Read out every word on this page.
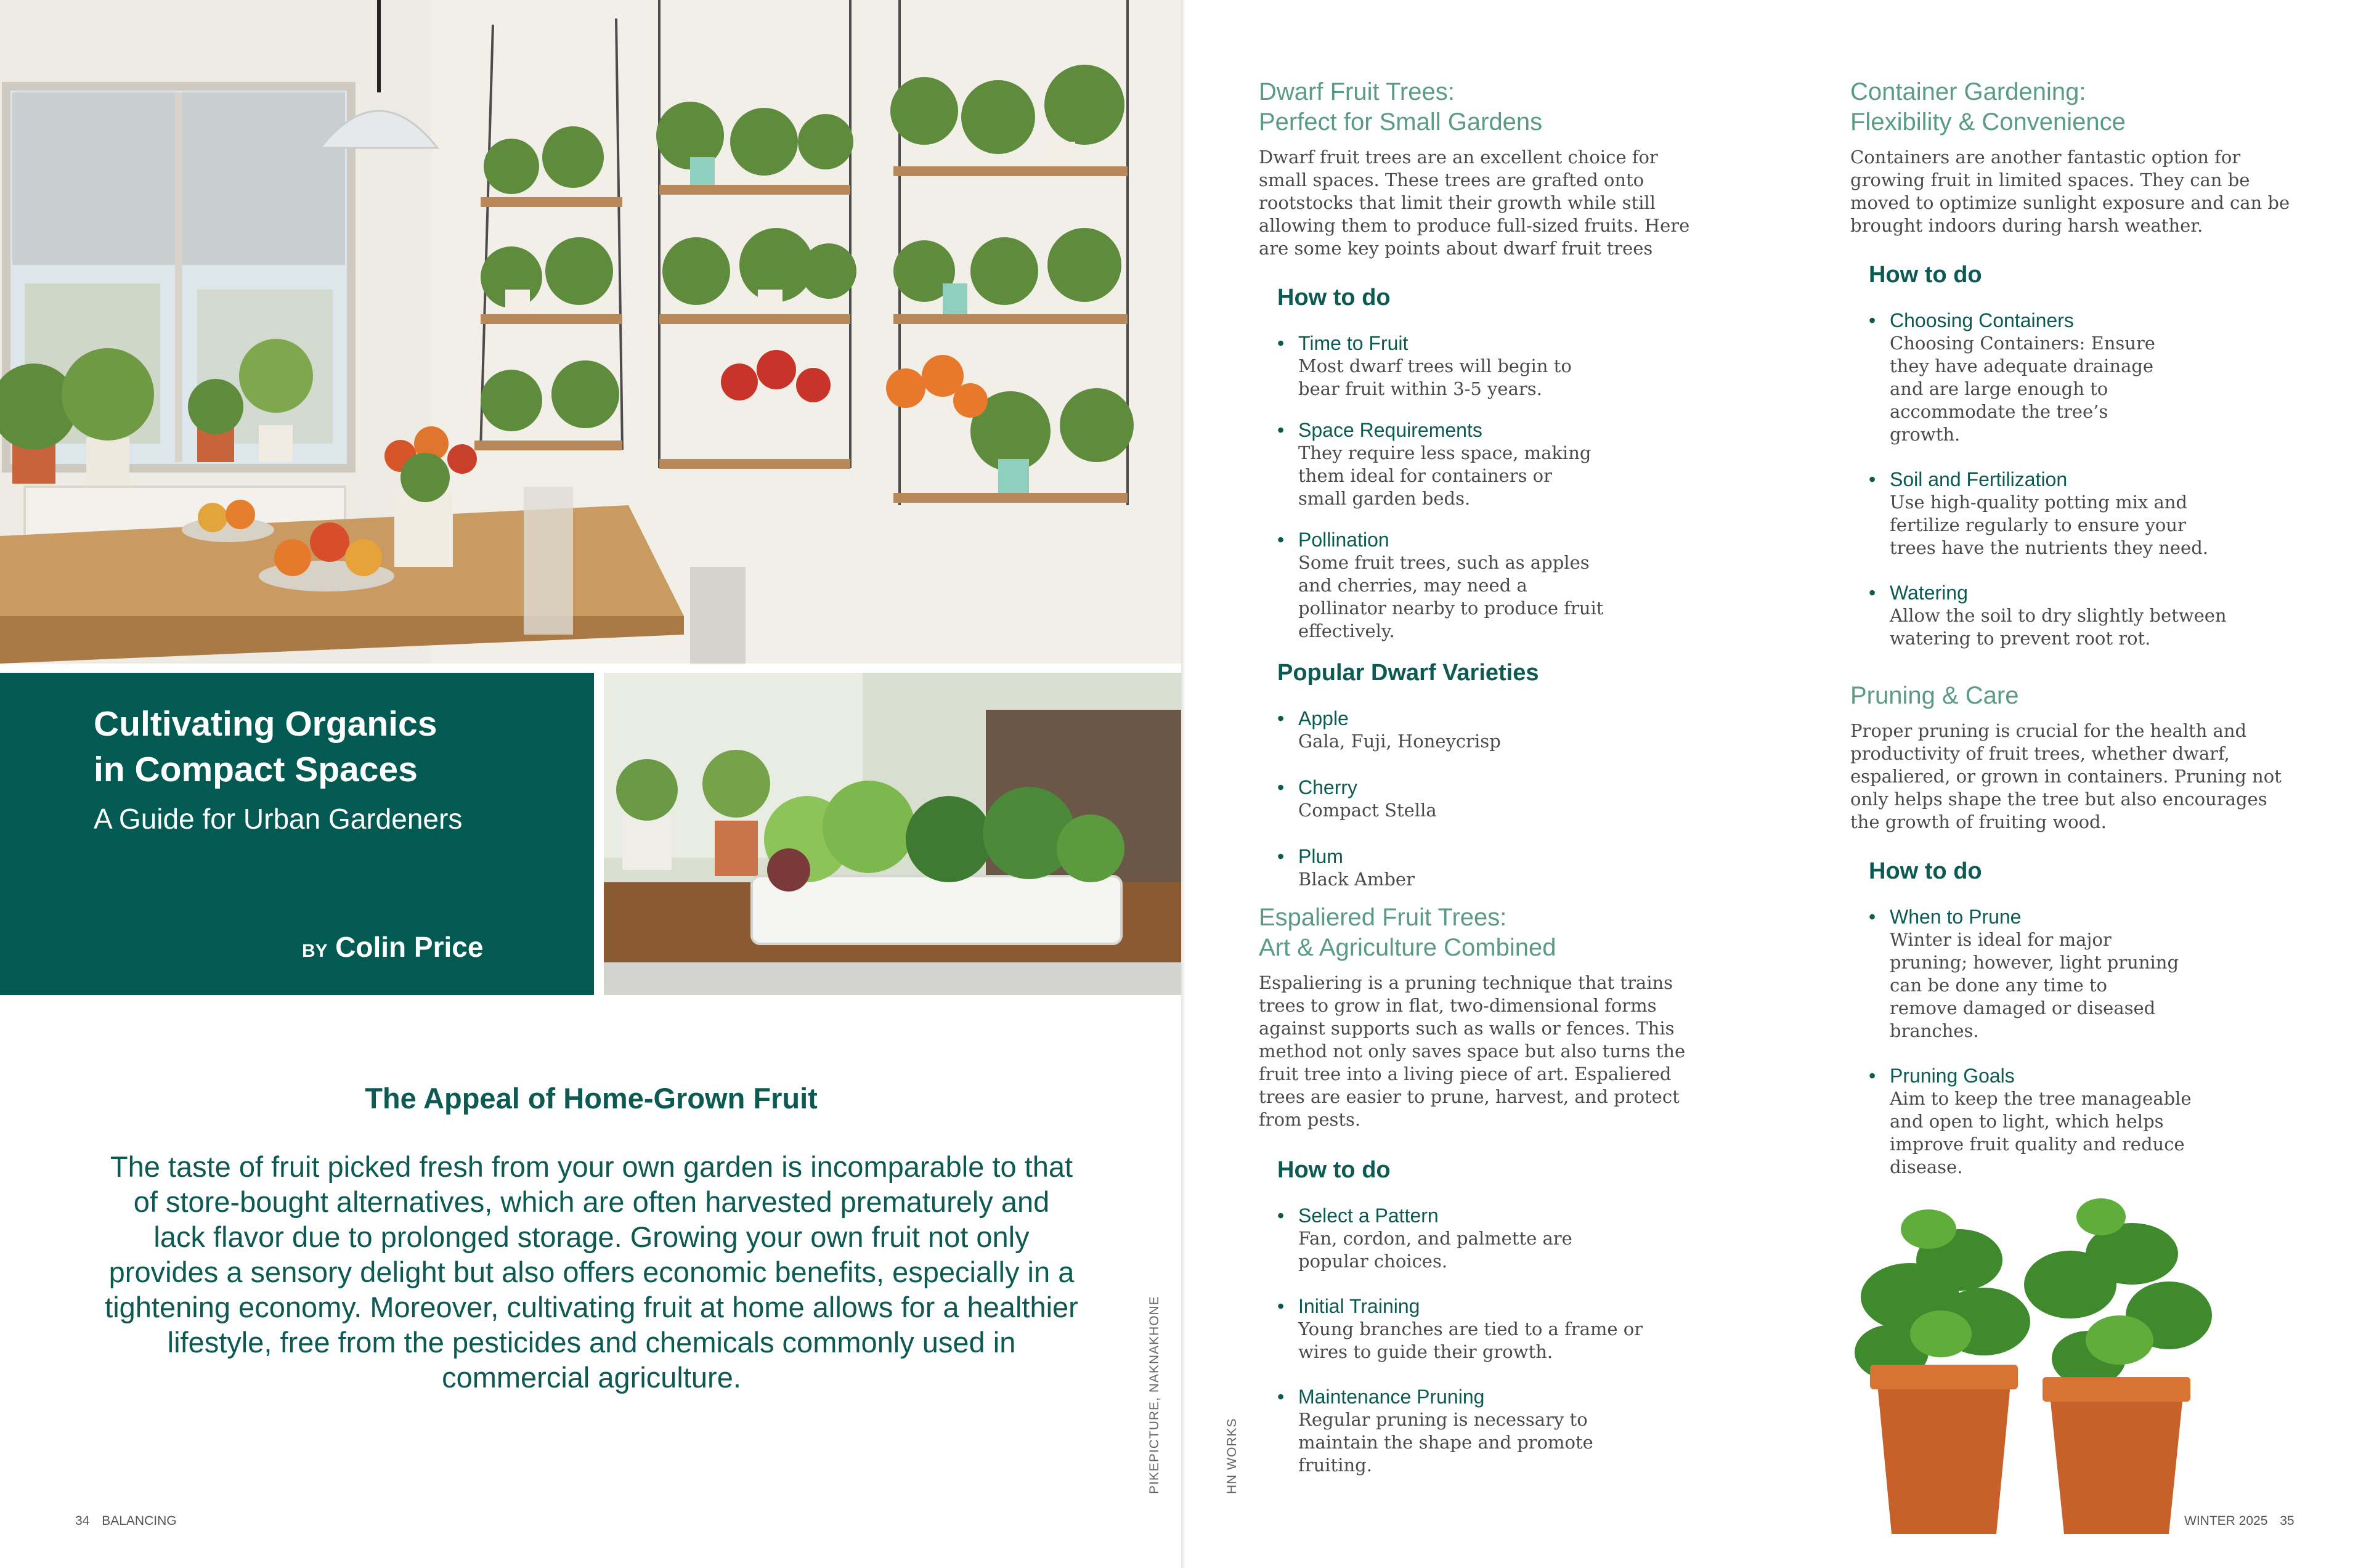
Cultivating Organics
in Compact Spaces
A Guide for Urban Gardeners
BY Colin Price
The Appeal of Home-Grown Fruit
The taste of fruit picked fresh from your own garden is incomparable to that of store-bought alternatives, which are often harvested prematurely and lack flavor due to prolonged storage. Growing your own fruit not only provides a sensory delight but also offers economic benefits, especially in a tightening economy. Moreover, cultivating fruit at home allows for a healthier lifestyle, free from the pesticides and chemicals commonly used in commercial agriculture.	PIKEPICTURE, NAKNAKHONE
34 BALANCING
Dwarf Fruit Trees:
Perfect for Small Gardens
Dwarf fruit trees are an excellent choice for small spaces. These trees are grafted onto rootstocks that limit their growth while still allowing them to produce full-sized fruits. Here are some key points about dwarf fruit trees
How to do
• Time to Fruit
Most dwarf trees will begin to bear fruit within 3-5 years.
• Space Requirements
They require less space, making them ideal for containers or small garden beds.
• Pollination
Some fruit trees, such as apples and cherries, may need a pollinator nearby to produce fruit effectively.
Popular Dwarf Varieties
• Apple
Gala, Fuji, Honeycrisp
• Cherry
Compact Stella
• Plum
Black Amber
Espaliered Fruit Trees:
Art & Agriculture Combined
Espaliering is a pruning technique that trains trees to grow in flat, two-dimensional forms against supports such as walls or fences. This method not only saves space but also turns the fruit tree into a living piece of art. Espaliered trees are easier to prune, harvest, and protect from pests.
How to do
• Select a Pattern
Fan, cordon, and palmette are popular choices.
• Initial Training
Young branches are tied to a frame or wires to guide their growth.
• Maintenance Pruning
Regular pruning is necessary to maintain the shape and promote fruiting.
Container Gardening:
Flexibility & Convenience
Containers are another fantastic option for growing fruit in limited spaces. They can be moved to optimize sunlight exposure and can be brought indoors during harsh weather.
How to do
• Choosing Containers
Choosing Containers: Ensure they have adequate drainage and are large enough to accommodate the tree’s growth.
• Soil and Fertilization
Use high-quality potting mix and fertilize regularly to ensure your trees have the nutrients they need.
• Watering
Allow the soil to dry slightly between watering to prevent root rot.
Pruning & Care
Proper pruning is crucial for the health and productivity of fruit trees, whether dwarf, espaliered, or grown in containers. Pruning not only helps shape the tree but also encourages the growth of fruiting wood.
How to do
• When to Prune
Winter is ideal for major pruning; however, light pruning can be done any time to remove damaged or diseased branches.
• Pruning Goals
Aim to keep the tree manageable and open to light, which helps improve fruit quality and reduce disease.
HN WORKS
WINTER 2025 35
